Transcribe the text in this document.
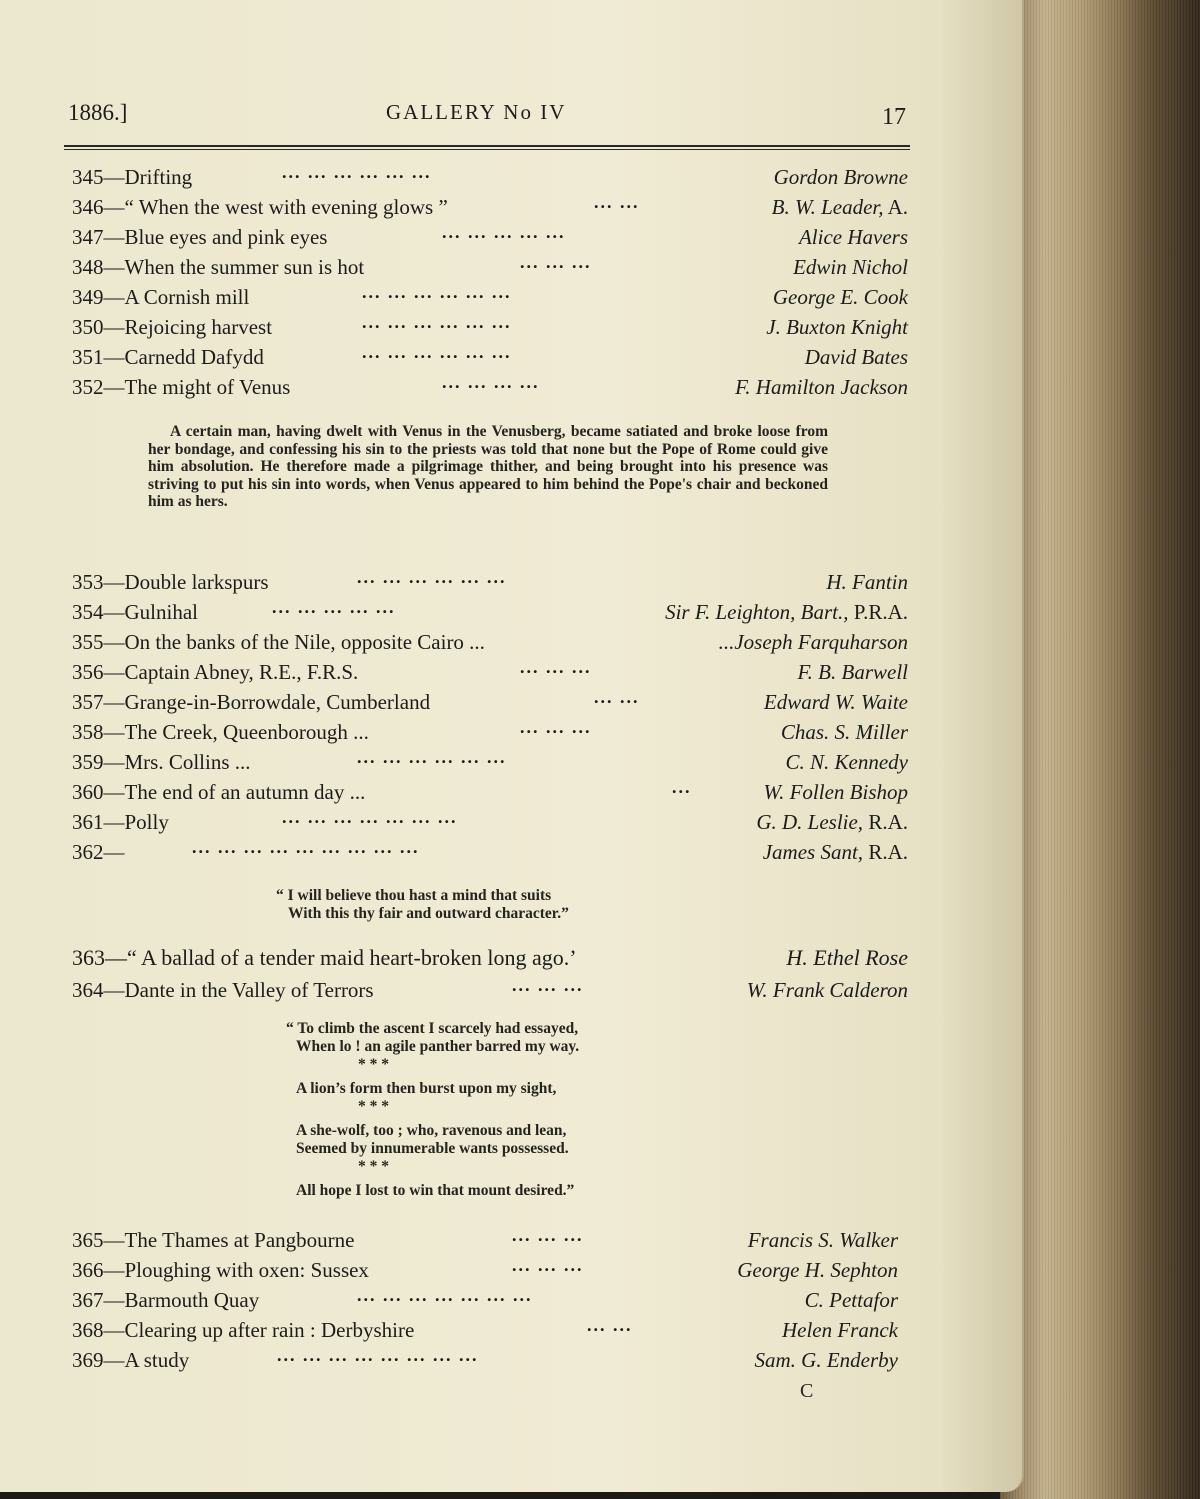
1886.]	GALLERY No IV	17
345—Drifting	... ... ... ... ... ...	Gordon Browne
346—“ When the west with evening glows ”	... ...	B. W. Leader, A.
347—Blue eyes and pink eyes	... ... ... ... ...	Alice Havers
348—When the summer sun is hot	... ... ...	Edwin Nichol
349—A Cornish mill	... ... ... ... ... ...	George E. Cook
350—Rejoicing harvest	... ... ... ... ... ...	J. Buxton Knight
351—Carnedd Dafydd	... ... ... ... ... ...	David Bates
352—The might of Venus	... ... ... ...	F. Hamilton Jackson
A certain man, having dwelt with Venus in the Venusberg, became satiated and broke loose from her bondage, and confessing his sin to the priests was told that none but the Pope of Rome could give him absolution. He therefore made a pilgrimage thither, and being brought into his presence was striving to put his sin into words, when Venus appeared to him behind the Pope's chair and beckoned him as hers.
353—Double larkspurs	... ... ... ... ... ...	H. Fantin
354—Gulnihal	... ... ... ... ...	Sir F. Leighton, Bart., P.R.A.
355—On the banks of the Nile, opposite Cairo ...	...Joseph Farquharson
356—Captain Abney, R.E., F.R.S.	... ... ...	F. B. Barwell
357—Grange-in-Borrowdale, Cumberland	... ...	Edward W. Waite
358—The Creek, Queenborough ...	... ... ...	Chas. S. Miller
359—Mrs. Collins ...	... ... ... ... ... ...	C. N. Kennedy
360—The end of an autumn day ...	...	W. Follen Bishop
361—Polly	... ... ... ... ... ... ...	G. D. Leslie, R.A.
362—	... ... ... ... ... ... ... ... ...	James Sant, R.A.
“ I will believe thou hast a mind that suits
With this thy fair and outward character.”
363—“ A ballad of a tender maid heart-broken long ago.’	H. Ethel Rose
364—Dante in the Valley of Terrors	... ... ...	W. Frank Calderon
“ To climb the ascent I scarcely had essayed,
When lo ! an agile panther barred my way.
* * *
A lion’s form then burst upon my sight,
* * *
A she-wolf, too ; who, ravenous and lean,
Seemed by innumerable wants possessed.
* * *
All hope I lost to win that mount desired.”
365—The Thames at Pangbourne	... ... ...	Francis S. Walker
366—Ploughing with oxen: Sussex	... ... ...	George H. Sephton
367—Barmouth Quay	... ... ... ... ... ... ...	C. Pettafor
368—Clearing up after rain : Derbyshire	... ...	Helen Franck
369—A study	... ... ... ... ... ... ... ...	Sam. G. Enderby
C
